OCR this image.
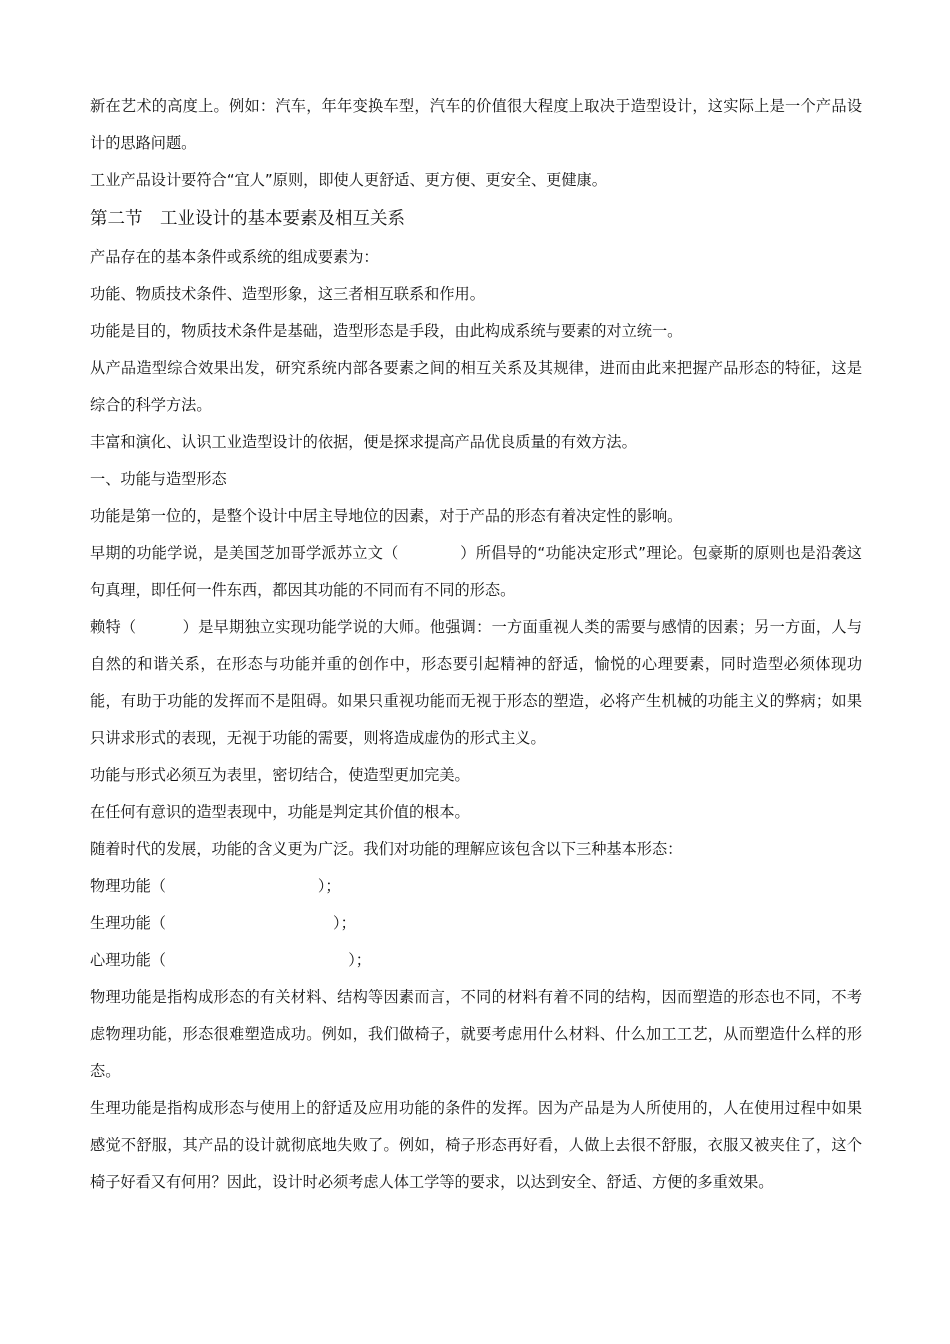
新在艺术的高度上。例如：汽车，年年变换车型，汽车的价值很大程度上取决于造型设计，这实际上是一个产品设计的思路问题。

工业产品设计要符合“宜人”原则，即使人更舒适、更方便、更安全、更健康。

第二节　工业设计的基本要素及相互关系

产品存在的基本条件或系统的组成要素为：

功能、物质技术条件、造型形象，这三者相互联系和作用。

功能是目的，物质技术条件是基础，造型形态是手段，由此构成系统与要素的对立统一。

从产品造型综合效果出发，研究系统内部各要素之间的相互关系及其规律，进而由此来把握产品形态的特征，这是综合的科学方法。

丰富和演化、认识工业造型设计的依据，便是探求提高产品优良质量的有效方法。

一、功能与造型形态

功能是第一位的，是整个设计中居主导地位的因素，对于产品的形态有着决定性的影响。

早期的功能学说，是美国芝加哥学派苏立文（　　　　）所倡导的“功能决定形式”理论。包豪斯的原则也是沿袭这句真理，即任何一件东西，都因其功能的不同而有不同的形态。

赖特（　　　）是早期独立实现功能学说的大师。他强调：一方面重视人类的需要与感情的因素；另一方面，人与自然的和谐关系，在形态与功能并重的创作中，形态要引起精神的舒适，愉悦的心理要素，同时造型必须体现功能，有助于功能的发挥而不是阻碍。如果只重视功能而无视于形态的塑造，必将产生机械的功能主义的弊病；如果只讲求形式的表现，无视于功能的需要，则将造成虚伪的形式主义。

功能与形式必须互为表里，密切结合，使造型更加完美。

在任何有意识的造型表现中，功能是判定其价值的根本。

随着时代的发展，功能的含义更为广泛。我们对功能的理解应该包含以下三种基本形态：

物理功能（　　　　　　　　　　）；

生理功能（　　　　　　　　　　　）；

心理功能（　　　　　　　　　　　　）；

物理功能是指构成形态的有关材料、结构等因素而言，不同的材料有着不同的结构，因而塑造的形态也不同，不考虑物理功能，形态很难塑造成功。例如，我们做椅子，就要考虑用什么材料、什么加工工艺，从而塑造什么样的形态。

生理功能是指构成形态与使用上的舒适及应用功能的条件的发挥。因为产品是为人所使用的，人在使用过程中如果感觉不舒服，其产品的设计就彻底地失败了。例如，椅子形态再好看，人做上去很不舒服，衣服又被夹住了，这个椅子好看又有何用？因此，设计时必须考虑人体工学等的要求，以达到安全、舒适、方便的多重效果。
